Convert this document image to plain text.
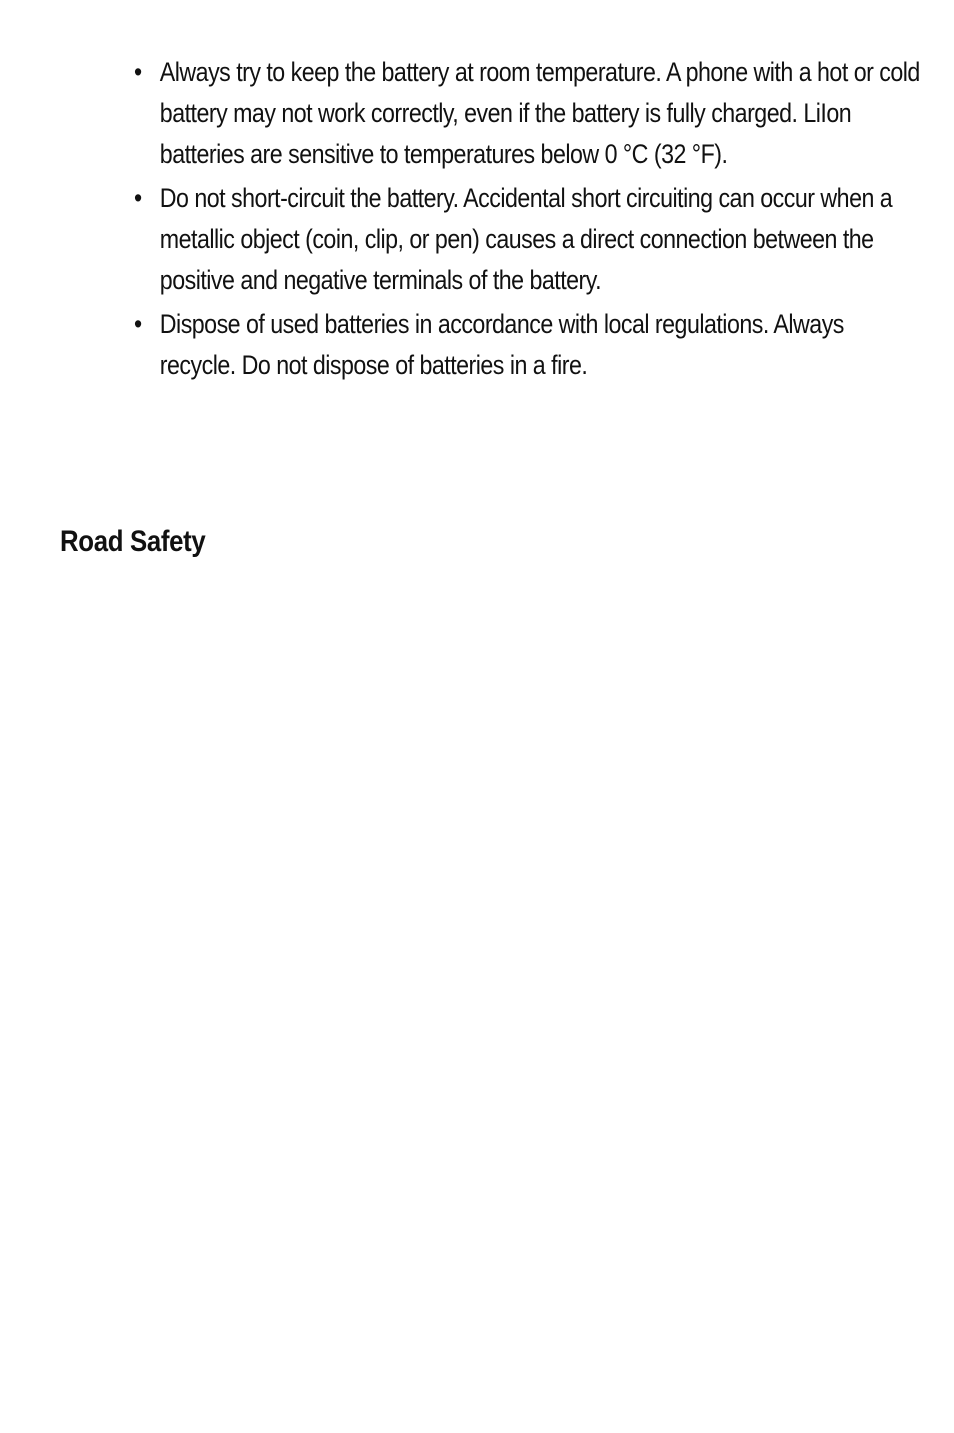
• Always try to keep the battery at room temperature. A phone with a hot or cold battery may not work correctly, even if the battery is fully charged. LiIon batteries are sensitive to temperatures below 0 °C (32 °F).
• Do not short-circuit the battery. Accidental short circuiting can occur when a metallic object (coin, clip, or pen) causes a direct connection between the positive and negative terminals of the battery.
• Dispose of used batteries in accordance with local regulations. Always recycle. Do not dispose of batteries in a fire.
Road Safety
